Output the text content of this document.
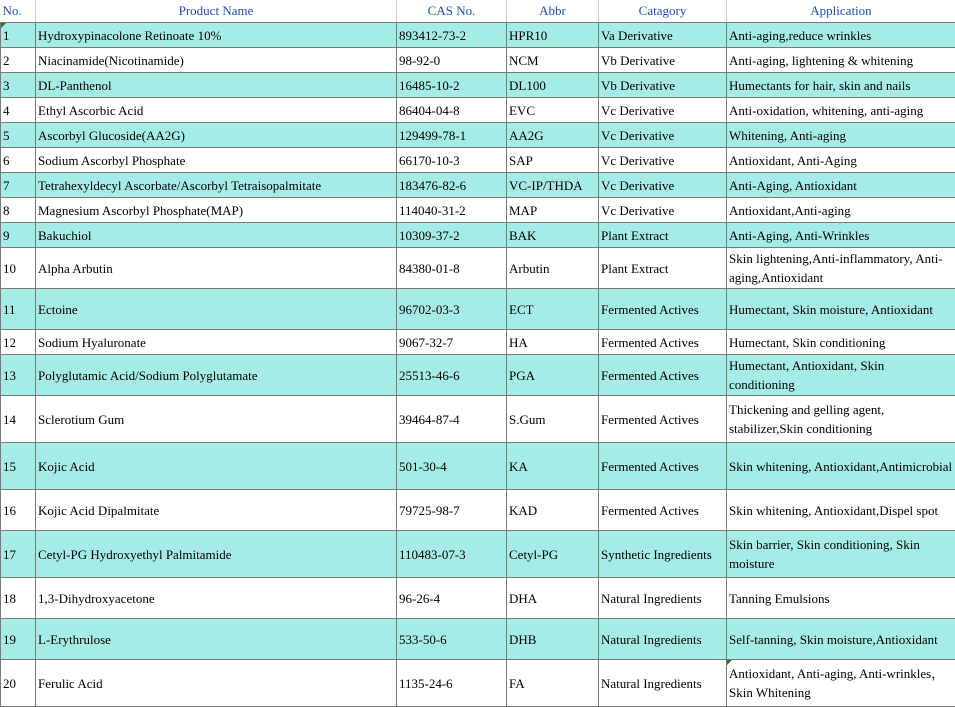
No.	Product Name	CAS No.	Abbr	Catagory	Application
1	Hydroxypinacolone Retinoate 10%	893412-73-2	HPR10	Va Derivative	Anti-aging,reduce wrinkles
2	Niacinamide(Nicotinamide)	98-92-0	NCM	Vb Derivative	Anti-aging, lightening & whitening
3	DL-Panthenol	16485-10-2	DL100	Vb Derivative	Humectants for hair, skin and nails
4	Ethyl Ascorbic Acid	86404-04-8	EVC	Vc Derivative	Anti-oxidation, whitening, anti-aging
5	Ascorbyl Glucoside(AA2G)	129499-78-1	AA2G	Vc Derivative	Whitening, Anti-aging
6	Sodium Ascorbyl Phosphate	66170-10-3	SAP	Vc Derivative	Antioxidant, Anti-Aging
7	Tetrahexyldecyl Ascorbate/Ascorbyl Tetraisopalmitate	183476-82-6	VC-IP/THDA	Vc Derivative	Anti-Aging, Antioxidant
8	Magnesium Ascorbyl Phosphate(MAP)	114040-31-2	MAP	Vc Derivative	Antioxidant,Anti-aging
9	Bakuchiol	10309-37-2	BAK	Plant Extract	Anti-Aging, Anti-Wrinkles
10	Alpha Arbutin	84380-01-8	Arbutin	Plant Extract	Skin lightening,Anti-inflammatory, Anti-aging,Antioxidant
11	Ectoine	96702-03-3	ECT	Fermented Actives	Humectant, Skin moisture, Antioxidant
12	Sodium Hyaluronate	9067-32-7	HA	Fermented Actives	Humectant, Skin conditioning
13	Polyglutamic Acid/Sodium Polyglutamate	25513-46-6	PGA	Fermented Actives	Humectant, Antioxidant, Skin conditioning
14	Sclerotium Gum	39464-87-4	S.Gum	Fermented Actives	Thickening and gelling agent, stabilizer,Skin conditioning
15	Kojic Acid	501-30-4	KA	Fermented Actives	Skin whitening, Antioxidant,Antimicrobial
16	Kojic Acid Dipalmitate	79725-98-7	KAD	Fermented Actives	Skin whitening, Antioxidant,Dispel spot
17	Cetyl-PG Hydroxyethyl Palmitamide	110483-07-3	Cetyl-PG	Synthetic Ingredients	Skin barrier, Skin conditioning, Skin moisture
18	1,3-Dihydroxyacetone	96-26-4	DHA	Natural Ingredients	Tanning Emulsions
19	L-Erythrulose	533-50-6	DHB	Natural Ingredients	Self-tanning, Skin moisture,Antioxidant
20	Ferulic Acid	1135-24-6	FA	Natural Ingredients	Antioxidant, Anti-aging, Anti-wrinkles，Skin Whitening
